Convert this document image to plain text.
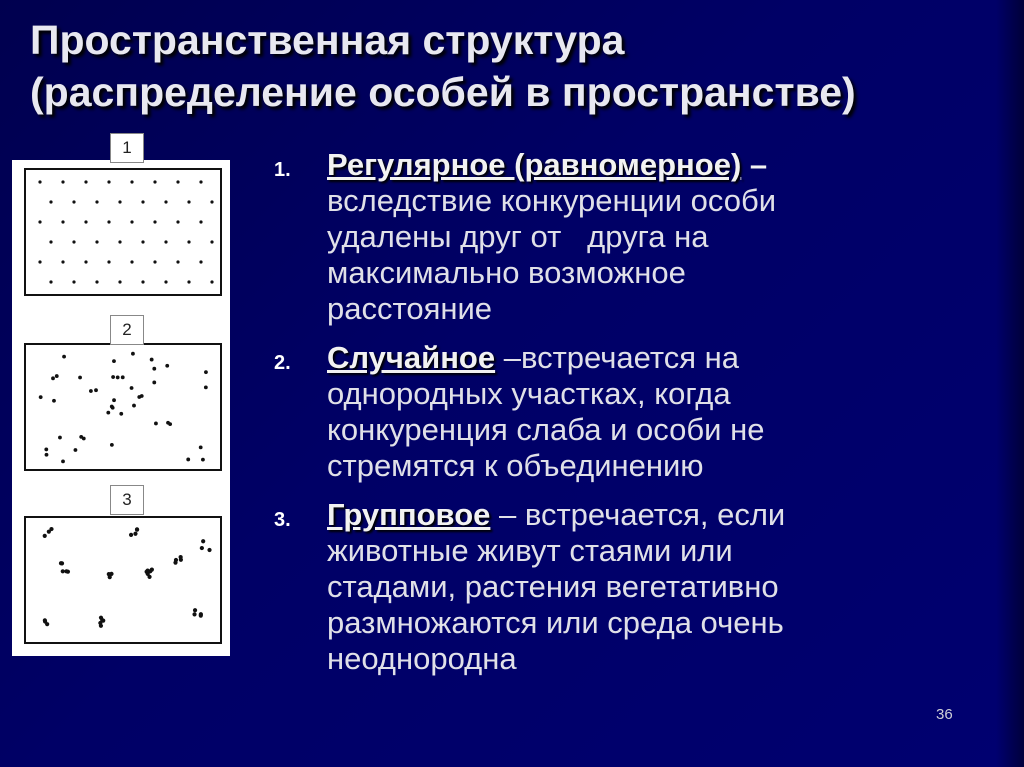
Пространственная структура
(распределение особей в пространстве)
1
2
3
1. Регулярное (равномерное) –
вследствие конкуренции особи
удалены друг от   друга на
максимально возможное
расстояние
2. Случайное –встречается на
однородных участках, когда
конкуренция слаба и особи не
стремятся к объединению
3. Групповое – встречается, если
животные живут стаями или
стадами, растения вегетативно
размножаются или среда очень
неоднородна
36
